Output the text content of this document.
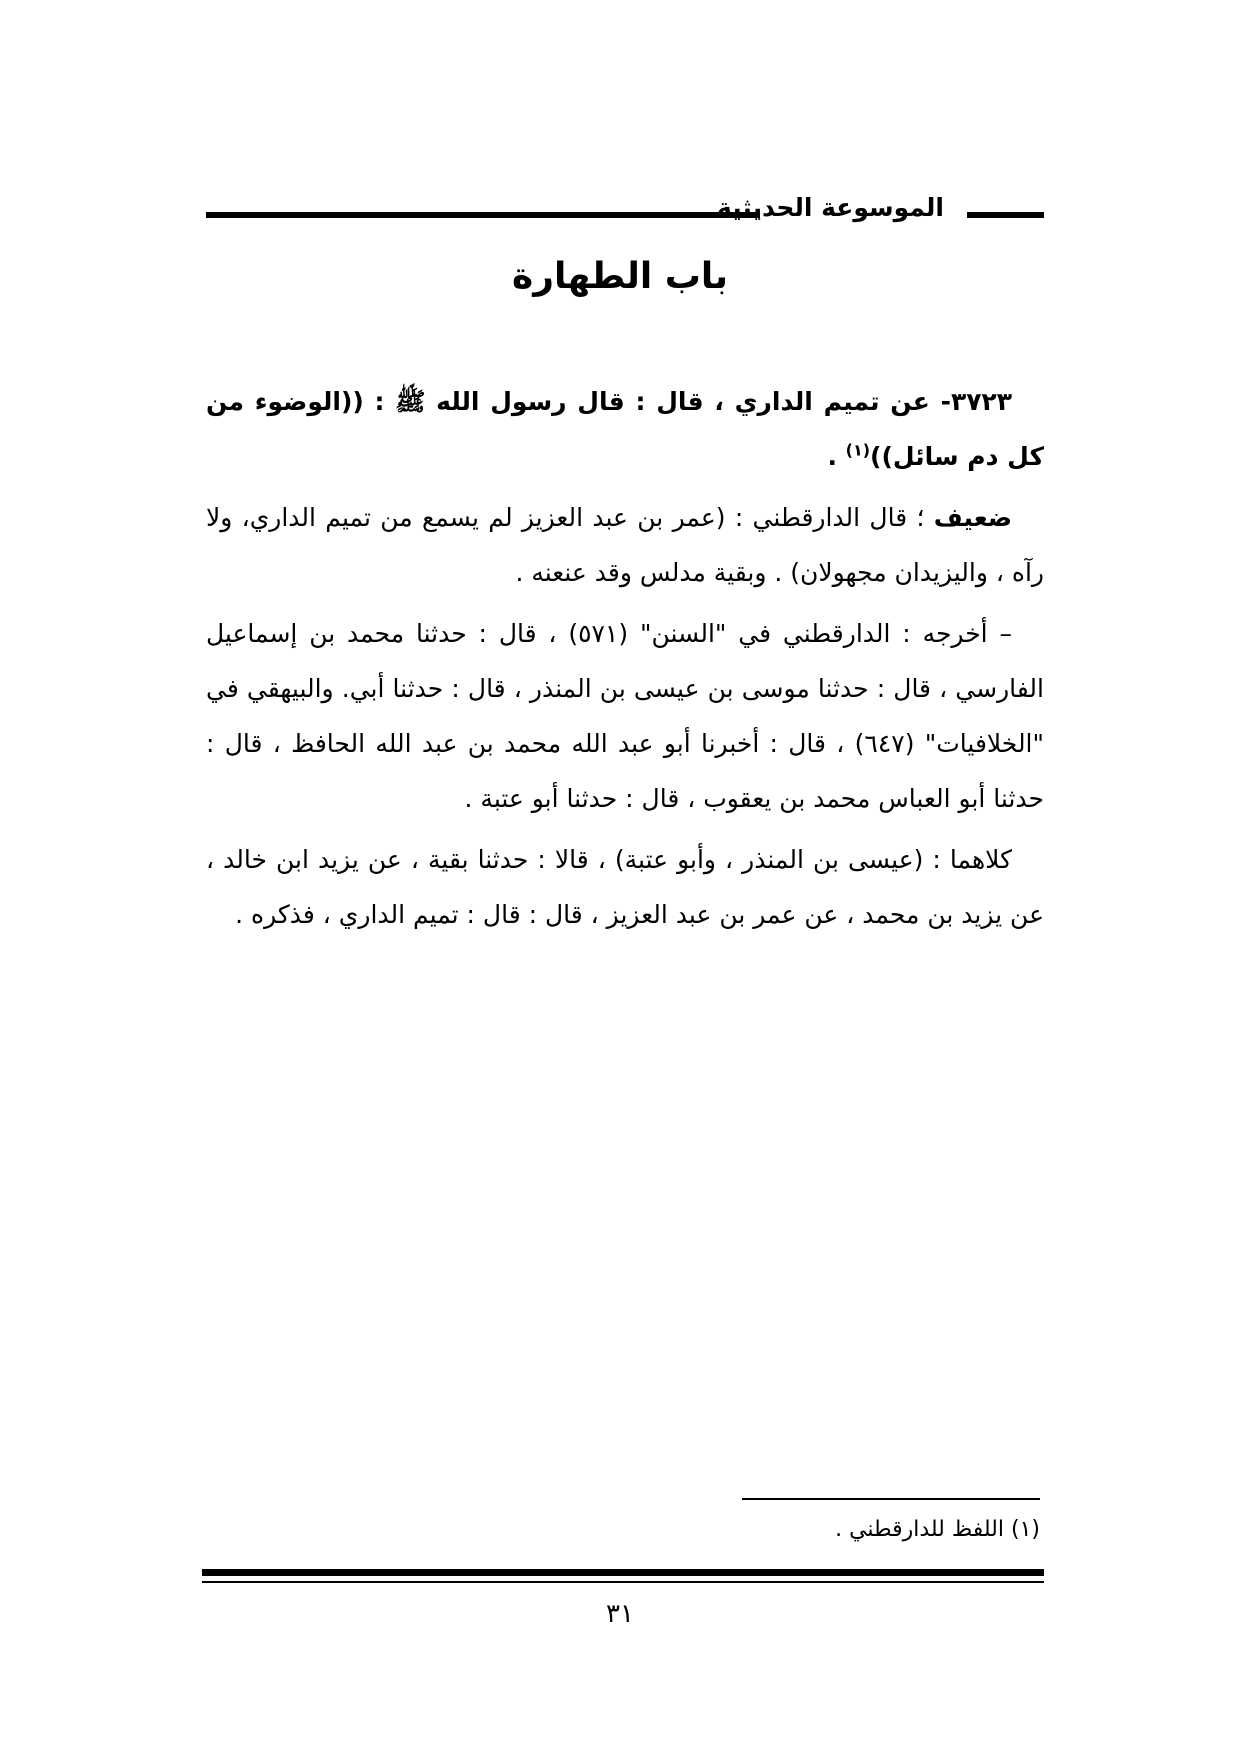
الموسوعة الحديثية
باب الطهارة

٣٧٢٣- عن تميم الداري ، قال : قال رسول الله ﷺ : ((الوضوء من كل دم سائل))$^{(١)}$ .

ضعيف ؛ قال الدارقطني : (عمر بن عبد العزيز لم يسمع من تميم الداري، ولا رآه ، واليزيدان مجهولان) . وبقية مدلس وقد عنعنه .

– أخرجه : الدارقطني في "السنن" (٥٧١) ، قال : حدثنا محمد بن إسماعيل الفارسي ، قال : حدثنا موسى بن عيسى بن المنذر ، قال : حدثنا أبي. والبيهقي في "الخلافيات" (٦٤٧) ، قال : أخبرنا أبو عبد الله محمد بن عبد الله الحافظ ، قال : حدثنا أبو العباس محمد بن يعقوب ، قال : حدثنا أبو عتبة .

كلاهما : (عيسى بن المنذر ، وأبو عتبة) ، قالا : حدثنا بقية ، عن يزيد ابن خالد ، عن يزيد بن محمد ، عن عمر بن عبد العزيز ، قال : قال : تميم الداري ، فذكره .

(١) اللفظ للدارقطني .
٣١
